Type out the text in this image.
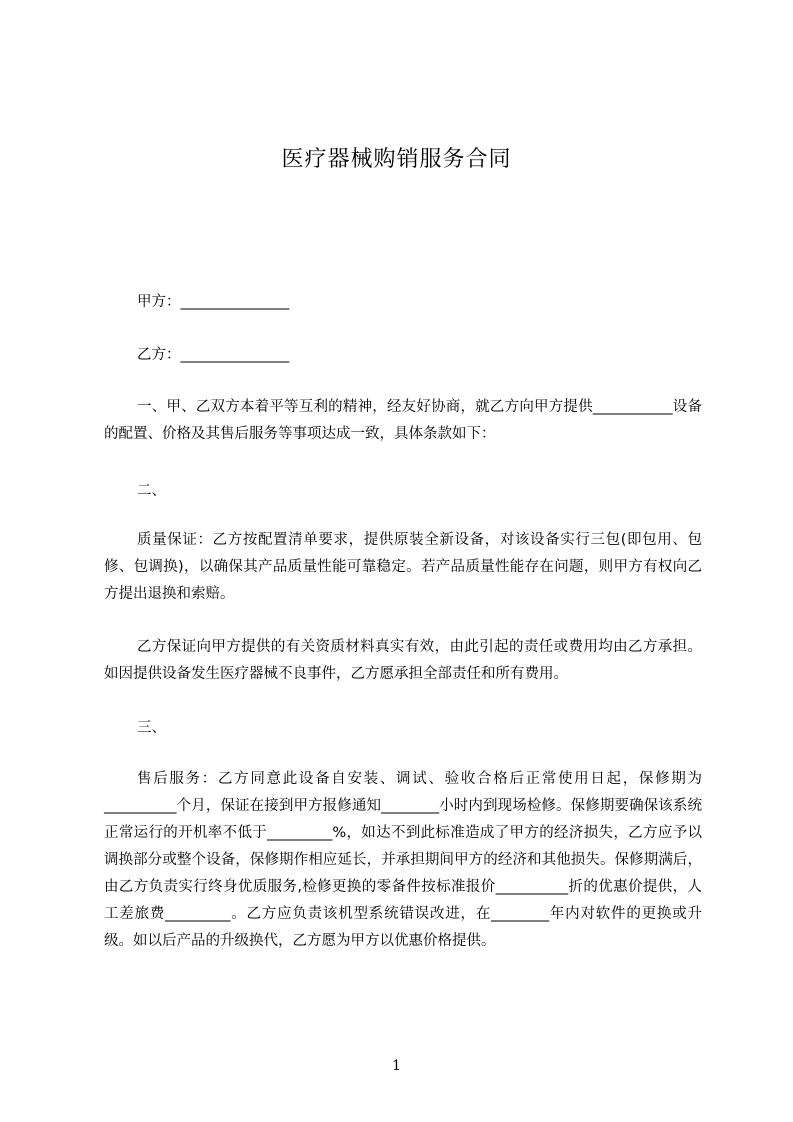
医疗器械购销服务合同
甲方：_______________
乙方：_______________
一、甲、乙双方本着平等互利的精神，经友好协商，就乙方向甲方提供___________设备的配置、价格及其售后服务等事项达成一致，具体条款如下：
二、
质量保证：乙方按配置清单要求，提供原装全新设备，对该设备实行三包(即包用、包修、包调换)，以确保其产品质量性能可靠稳定。若产品质量性能存在问题，则甲方有权向乙方提出退换和索赔。
乙方保证向甲方提供的有关资质材料真实有效，由此引起的责任或费用均由乙方承担。如因提供设备发生医疗器械不良事件，乙方愿承担全部责任和所有费用。
三、
售后服务：乙方同意此设备自安装、调试、验收合格后正常使用日起，保修期为__________个月，保证在接到甲方报修通知________小时内到现场检修。保修期要确保该系统正常运行的开机率不低于_________%，如达不到此标准造成了甲方的经济损失，乙方应予以调换部分或整个设备，保修期作相应延长，并承担期间甲方的经济和其他损失。保修期满后，由乙方负责实行终身优质服务,检修更换的零备件按标准报价__________折的优惠价提供，人工差旅费_________。乙方应负责该机型系统错误改进，在________年内对软件的更换或升级。如以后产品的升级换代，乙方愿为甲方以优惠价格提供。
1
